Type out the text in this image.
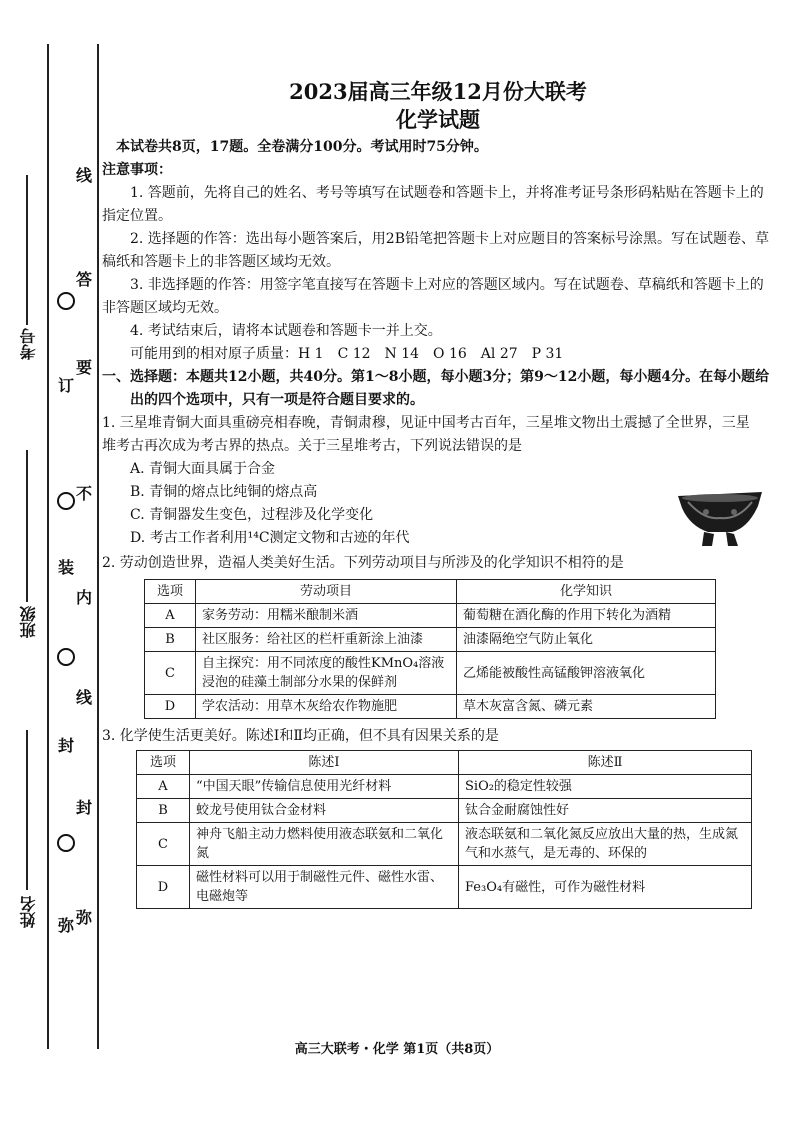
考号
班级
姓名
订
装
封
弥
线
答
要
不
内
线
封
弥
2023届高三年级12月份大联考
化学试题

本试卷共8页，17题。全卷满分100分。考试用时75分钟。

注意事项：

1. 答题前，先将自己的姓名、考号等填写在试题卷和答题卡上，并将准考证号条形码粘贴在答题卡上的指定位置。

2. 选择题的作答：选出每小题答案后，用2B铅笔把答题卡上对应题目的答案标号涂黑。写在试题卷、草稿纸和答题卡上的非答题区域均无效。

3. 非选择题的作答：用签字笔直接写在答题卡上对应的答题区域内。写在试题卷、草稿纸和答题卡上的非答题区域均无效。

4. 考试结束后，请将本试题卷和答题卡一并上交。

可能用到的相对原子质量：H 1　C 12　N 14　O 16　Al 27　P 31

一、选择题：本题共12小题，共40分。第1～8小题，每小题3分；第9～12小题，每小题4分。在每小题给出的四个选项中，只有一项是符合题目要求的。

1. 三星堆青铜大面具重磅亮相春晚，青铜肃穆，见证中国考古百年，三星堆文物出土震撼了全世界，三星堆考古再次成为考古界的热点。关于三星堆考古，下列说法错误的是

A. 青铜大面具属于合金
B. 青铜的熔点比纯铜的熔点高
C. 青铜器发生变色，过程涉及化学变化
D. 考古工作者利用¹⁴C测定文物和古迹的年代

2. 劳动创造世界，造福人类美好生活。下列劳动项目与所涉及的化学知识不相符的是

选项	劳动项目	化学知识
A	家务劳动：用糯米酿制米酒	葡萄糖在酒化酶的作用下转化为酒精
B	社区服务：给社区的栏杆重新涂上油漆	油漆隔绝空气防止氧化
C	自主探究：用不同浓度的酸性KMnO₄溶液浸泡的硅藻土制部分水果的保鲜剂	乙烯能被酸性高锰酸钾溶液氧化
D	学农活动：用草木灰给农作物施肥	草木灰富含氮、磷元素

3. 化学使生活更美好。陈述Ⅰ和Ⅱ均正确，但不具有因果关系的是

选项	陈述Ⅰ	陈述Ⅱ
A	“中国天眼”传输信息使用光纤材料	SiO₂的稳定性较强
B	蛟龙号使用钛合金材料	钛合金耐腐蚀性好
C	神舟飞船主动力燃料使用液态联氨和二氧化氮	液态联氨和二氧化氮反应放出大量的热，生成氮气和水蒸气，是无毒的、环保的
D	磁性材料可以用于制磁性元件、磁性水雷、电磁炮等	Fe₃O₄有磁性，可作为磁性材料
高三大联考・化学 第1页（共8页）
